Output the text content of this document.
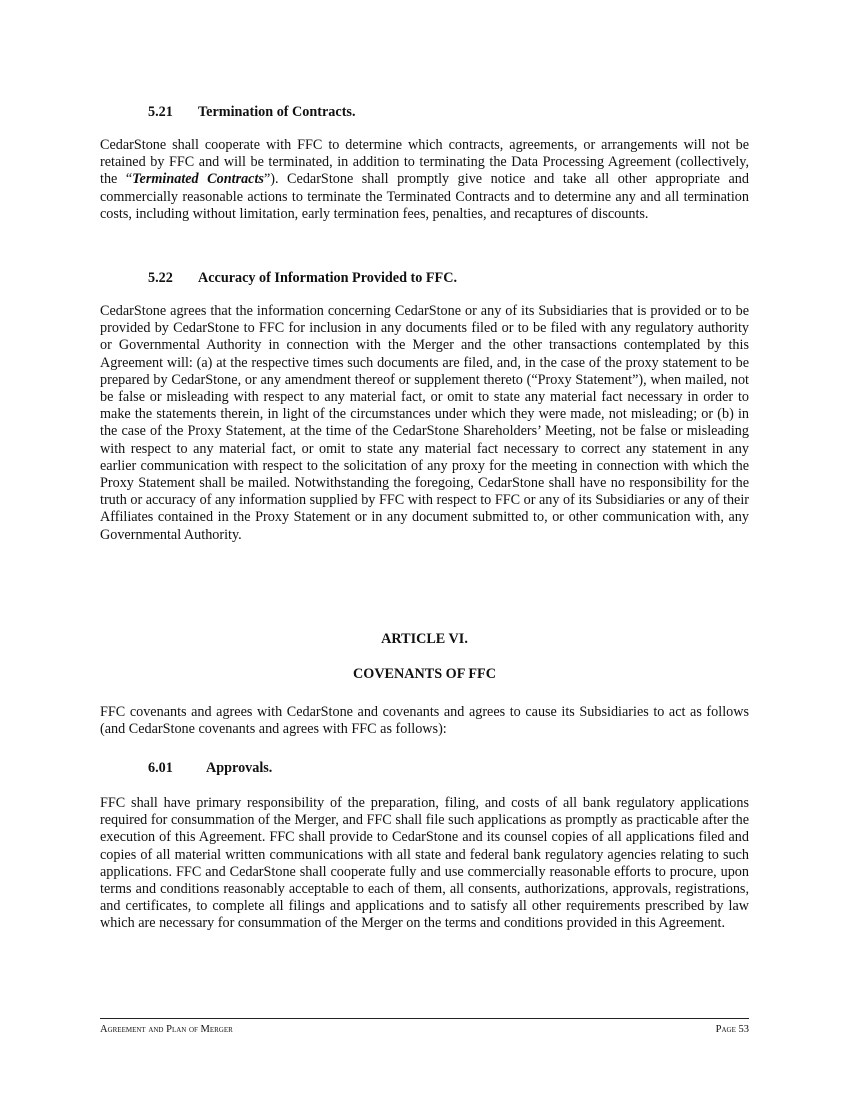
5.21 Termination of Contracts.

CedarStone shall cooperate with FFC to determine which contracts, agreements, or arrangements will not be retained by FFC and will be terminated, in addition to terminating the Data Processing Agreement (collectively, the “Terminated Contracts”). CedarStone shall promptly give notice and take all other appropriate and commercially reasonable actions to terminate the Terminated Contracts and to determine any and all termination costs, including without limitation, early termination fees, penalties, and recaptures of discounts.

5.22 Accuracy of Information Provided to FFC.

CedarStone agrees that the information concerning CedarStone or any of its Subsidiaries that is provided or to be provided by CedarStone to FFC for inclusion in any documents filed or to be filed with any regulatory authority or Governmental Authority in connection with the Merger and the other transactions contemplated by this Agreement will: (a) at the respective times such documents are filed, and, in the case of the proxy statement to be prepared by CedarStone, or any amendment thereof or supplement thereto (“Proxy Statement”), when mailed, not be false or misleading with respect to any material fact, or omit to state any material fact necessary in order to make the statements therein, in light of the circumstances under which they were made, not misleading; or (b) in the case of the Proxy Statement, at the time of the CedarStone Shareholders’ Meeting, not be false or misleading with respect to any material fact, or omit to state any material fact necessary to correct any statement in any earlier communication with respect to the solicitation of any proxy for the meeting in connection with which the Proxy Statement shall be mailed. Notwithstanding the foregoing, CedarStone shall have no responsibility for the truth or accuracy of any information supplied by FFC with respect to FFC or any of its Subsidiaries or any of their Affiliates contained in the Proxy Statement or in any document submitted to, or other communication with, any Governmental Authority.

ARTICLE VI.
COVENANTS OF FFC

FFC covenants and agrees with CedarStone and covenants and agrees to cause its Subsidiaries to act as follows (and CedarStone covenants and agrees with FFC as follows):

6.01 Approvals.

FFC shall have primary responsibility of the preparation, filing, and costs of all bank regulatory applications required for consummation of the Merger, and FFC shall file such applications as promptly as practicable after the execution of this Agreement. FFC shall provide to CedarStone and its counsel copies of all applications filed and copies of all material written communications with all state and federal bank regulatory agencies relating to such applications. FFC and CedarStone shall cooperate fully and use commercially reasonable efforts to procure, upon terms and conditions reasonably acceptable to each of them, all consents, authorizations, approvals, registrations, and certificates, to complete all filings and applications and to satisfy all other requirements prescribed by law which are necessary for consummation of the Merger on the terms and conditions provided in this Agreement.

Agreement and Plan of Merger	Page 53
